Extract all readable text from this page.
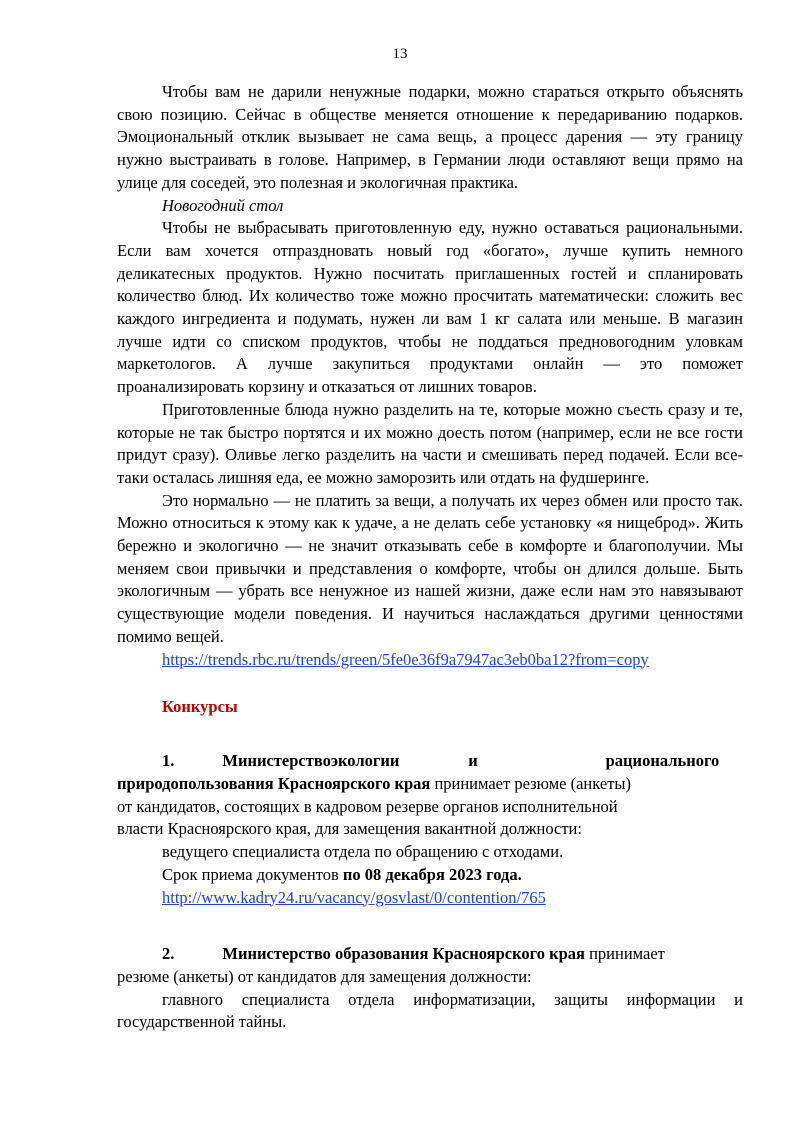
13

Чтобы вам не дарили ненужные подарки, можно стараться открыто объяснять свою позицию. Сейчас в обществе меняется отношение к передариванию подарков. Эмоциональный отклик вызывает не сама вещь, а процесс дарения — эту границу нужно выстраивать в голове. Например, в Германии люди оставляют вещи прямо на улице для соседей, это полезная и экологичная практика.

Новогодний стол

Чтобы не выбрасывать приготовленную еду, нужно оставаться рациональными. Если вам хочется отпраздновать новый год «богато», лучше купить немного деликатесных продуктов. Нужно посчитать приглашенных гостей и спланировать количество блюд. Их количество тоже можно просчитать математически: сложить вес каждого ингредиента и подумать, нужен ли вам 1 кг салата или меньше. В магазин лучше идти со списком продуктов, чтобы не поддаться предновогодним уловкам маркетологов. А лучше закупиться продуктами онлайн — это поможет проанализировать корзину и отказаться от лишних товаров.

Приготовленные блюда нужно разделить на те, которые можно съесть сразу и те, которые не так быстро портятся и их можно доесть потом (например, если не все гости придут сразу). Оливье легко разделить на части и смешивать перед подачей. Если все-таки осталась лишняя еда, ее можно заморозить или отдать на фудшеринге.

Это нормально — не платить за вещи, а получать их через обмен или просто так. Можно относиться к этому как к удаче, а не делать себе установку «я нищеброд». Жить бережно и экологично — не значит отказывать себе в комфорте и благополучии. Мы меняем свои привычки и представления о комфорте, чтобы он длился дольше. Быть экологичным — убрать все ненужное из нашей жизни, даже если нам это навязывают существующие модели поведения. И научиться наслаждаться другими ценностями помимо вещей.

https://trends.rbc.ru/trends/green/5fe0e36f9a7947ac3eb0ba12?from=copy

Конкурсы

1.	Министерство экологии	и	рационального

природопользования Красноярского края принимает резюме (анкеты)

от кандидатов, состоящих в кадровом резерве органов исполнительной

власти Красноярского края, для замещения вакантной должности:

ведущего специалиста отдела по обращению с отходами.

Срок приема документов по 08 декабря 2023 года.

http://www.kadry24.ru/vacancy/gosvlast/0/contention/765

2.	Министерство образования Красноярского края принимает

резюме (анкеты) от кандидатов для замещения должности:

главного специалиста отдела информатизации, защиты информации и государственной тайны.
